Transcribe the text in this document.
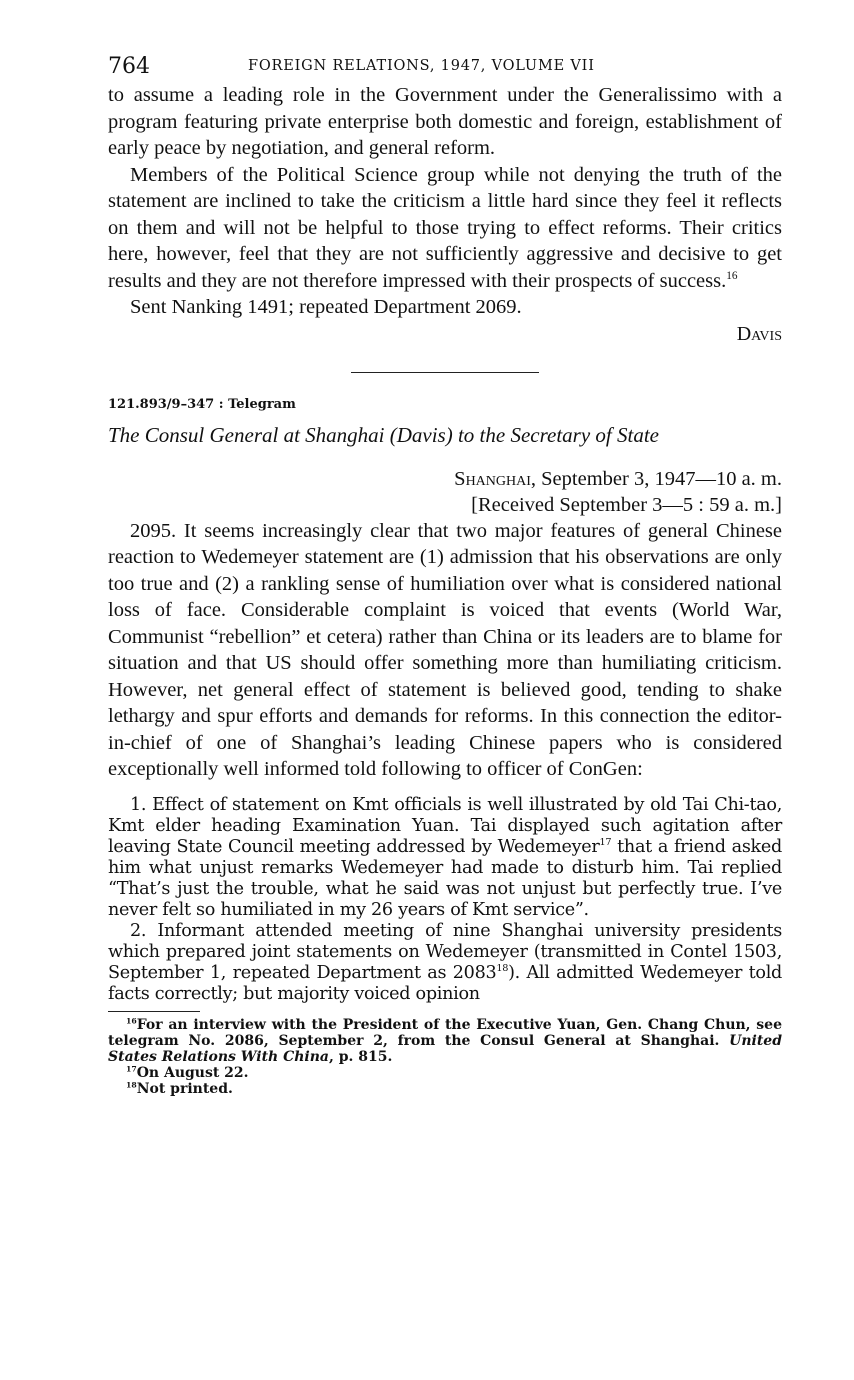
764	FOREIGN RELATIONS, 1947, VOLUME VII

to assume a leading role in the Government under the Generalissimo with a program featuring private enterprise both domestic and foreign, establishment of early peace by negotiation, and general reform.

Members of the Political Science group while not denying the truth of the statement are inclined to take the criticism a little hard since they feel it reflects on them and will not be helpful to those trying to effect reforms. Their critics here, however, feel that they are not sufficiently aggressive and decisive to get results and they are not therefore impressed with their prospects of success.$^{16}$

Sent Nanking 1491; repeated Department 2069.

Davis

121.893/9–347 : Telegram

The Consul General at Shanghai (Davis) to the Secretary of State

Shanghai, September 3, 1947—10 a. m.

[Received September 3—5 : 59 a. m.]

2095. It seems increasingly clear that two major features of general Chinese reaction to Wedemeyer statement are (1) admission that his observations are only too true and (2) a rankling sense of humiliation over what is considered national loss of face. Considerable complaint is voiced that events (World War, Communist “rebellion” et cetera) rather than China or its leaders are to blame for situation and that US should offer something more than humiliating criticism. However, net general effect of statement is believed good, tending to shake lethargy and spur efforts and demands for reforms. In this connection the editor-in-chief of one of Shanghai’s leading Chinese papers who is considered exceptionally well informed told following to officer of ConGen:

1. Effect of statement on Kmt officials is well illustrated by old Tai Chi-tao, Kmt elder heading Examination Yuan. Tai displayed such agitation after leaving State Council meeting addressed by Wedemeyer$^{17}$ that a friend asked him what unjust remarks Wedemeyer had made to disturb him. Tai replied “That’s just the trouble, what he said was not unjust but perfectly true. I’ve never felt so humiliated in my 26 years of Kmt service”.

2. Informant attended meeting of nine Shanghai university presidents which prepared joint statements on Wedemeyer (transmitted in Contel 1503, September 1, repeated Department as 2083$^{18}$). All admitted Wedemeyer told facts correctly; but majority voiced opinion

$^{16}$For an interview with the President of the Executive Yuan, Gen. Chang Chun, see telegram No. 2086, September 2, from the Consul General at Shanghai. United States Relations With China, p. 815.

$^{17}$On August 22.

$^{18}$Not printed.
